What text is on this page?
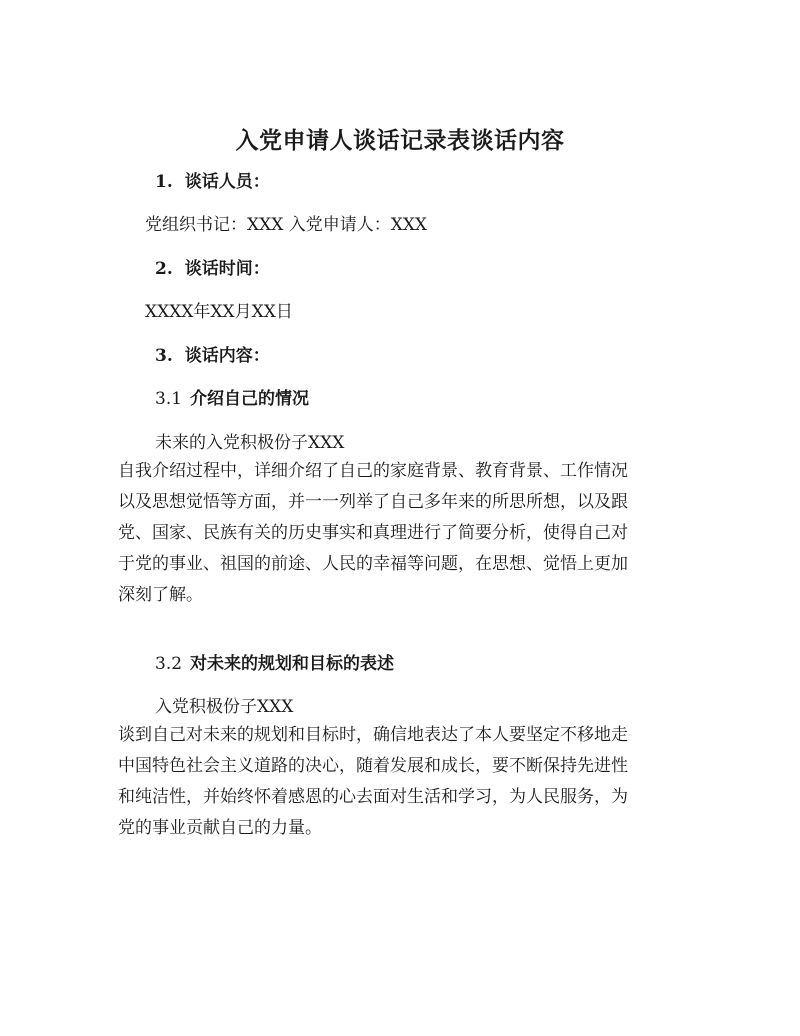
入党申请人谈话记录表谈话内容
1. 谈话人员：
党组织书记：XXX 入党申请人：XXX
2. 谈话时间：
XXXX年XX月XX日
3. 谈话内容：
3.1 介绍自己的情况
未来的入党积极份子XXX
自我介绍过程中，详细介绍了自己的家庭背景、教育背景、工作情况
以及思想觉悟等方面，并一一列举了自己多年来的所思所想，以及跟
党、国家、民族有关的历史事实和真理进行了简要分析，使得自己对
于党的事业、祖国的前途、人民的幸福等问题，在思想、觉悟上更加
深刻了解。
3.2 对未来的规划和目标的表述
入党积极份子XXX
谈到自己对未来的规划和目标时，确信地表达了本人要坚定不移地走
中国特色社会主义道路的决心，随着发展和成长，要不断保持先进性
和纯洁性，并始终怀着感恩的心去面对生活和学习，为人民服务，为
党的事业贡献自己的力量。
